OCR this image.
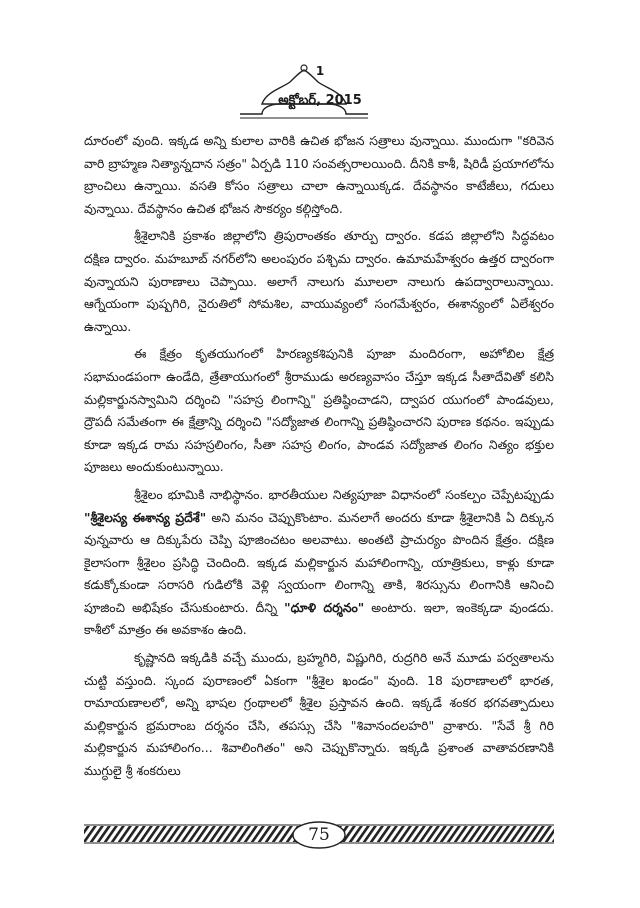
1
అక్టోబర్, 2015

దూరంలో వుంది. ఇక్కడ అన్ని కులాల వారికి ఉచిత భోజన సత్రాలు వున్నాయి. ముందుగా "కరివెన వారి బ్రాహ్మణ నిత్యాన్నదాన సత్రం" ఏర్పడి 110 సంవత్సరాలయింది. దీనికి కాశీ, షిరిడీ ప్రయాగలోను బ్రాంచిలు ఉన్నాయి. వసతి కోసం సత్రాలు చాలా ఉన్నాయిక్కడ. దేవస్థానం కాటేజీలు, గదులు వున్నాయి. దేవస్థానం ఉచిత భోజన సౌకర్యం కల్గిస్తోంది.

శ్రీశైలానికి ప్రకాశం జిల్లాలోని త్రిపురాంతకం తూర్పు ద్వారం. కడప జిల్లాలోని సిద్ధవటం దక్షిణ ద్వారం. మహబూబ్ నగర్‌లోని అలంపురం పశ్చిమ ద్వారం. ఉమామహేశ్వరం ఉత్తర ద్వారంగా వున్నాయని పురాణాలు చెప్పాయి. అలాగే నాలుగు మూలలా నాలుగు ఉపద్వారాలున్నాయి. ఆగ్నేయంగా పుష్పగిరి, నైరుతిలో సోమశిల, వాయువ్యంలో సంగమేశ్వరం, ఈశాన్యంలో ఏలేశ్వరం ఉన్నాయి.

ఈ క్షేత్రం కృతయుగంలో హిరణ్యకశిపునికి పూజా మందిరంగా, అహోబిల క్షేత్ర సభామండపంగా ఉండేది, త్రేతాయుగంలో శ్రీరాముడు అరణ్యవాసం చేస్తూ ఇక్కడ సీతాదేవితో కలిసి మల్లికార్జునస్వామిని దర్శించి "సహస్ర లింగాన్ని" ప్రతిష్ఠించాడని, ద్వాపర యుగంలో పాండవులు, ద్రౌపదీ సమేతంగా ఈ క్షేత్రాన్ని దర్శించి "సద్యోజాత లింగాన్ని ప్రతిష్ఠించారని పురాణ కథనం. ఇప్పుడు కూడా ఇక్కడ రామ సహస్రలింగం, సీతా సహస్ర లింగం, పాండవ సద్యోజాత లింగం నిత్యం భక్తుల పూజలు అందుకుంటున్నాయి.

శ్రీశైలం భూమికి నాభిస్థానం. భారతీయుల నిత్యపూజా విధానంలో సంకల్పం చెప్పేటప్పుడు "శ్రీశైలస్య ఈశాన్య ప్రదేశే" అని మనం చెప్పుకొంటాం. మనలాగే అందరు కూడా శ్రీశైలానికి ఏ దిక్కున వున్నవారు ఆ దిక్కుపేరు చెప్పి పూజించటం అలవాటు. అంతటి ప్రాచుర్యం పొందిన క్షేత్రం. దక్షిణ కైలాసంగా శ్రీశైలం ప్రసిద్ధి చెందింది. ఇక్కడ మల్లికార్జున మహాలింగాన్ని, యాత్రికులు, కాళ్లు కూడా కడుక్కోకుండా సరాసరి గుడిలోకి వెళ్లి స్వయంగా లింగాన్ని తాకి, శిరస్సును లింగానికి ఆనించి పూజించి అభిషేకం చేసుకుంటారు. దీన్ని "ధూళి దర్శనం" అంటారు. ఇలా, ఇంకెక్కడా వుండదు. కాశీలో మాత్రం ఈ అవకాశం ఉంది.

కృష్ణానది ఇక్కడికి వచ్చే ముందు, బ్రహ్మగిరి, విష్ణుగిరి, రుద్రగిరి అనే మూడు పర్వతాలను చుట్టి వస్తుంది. స్కంద పురాణంలో ఏకంగా "శ్రీశైల ఖండం" వుంది. 18 పురాణాలలో భారత, రామాయణాలలో, అన్ని భాషల గ్రంథాలలో శ్రీశైల ప్రస్తావన ఉంది. ఇక్కడే శంకర భగవత్పాదులు మల్లికార్జున భ్రమరాంబ దర్శనం చేసి, తపస్సు చేసి "శివానందలహరి" వ్రాశారు. "సేవే శ్రీ గిరి మల్లికార్జున మహాలింగం... శివాలింగితం" అని చెప్పుకొన్నారు. ఇక్కడి ప్రశాంత వాతావరణానికి ముగ్ధులై శ్రీ శంకరులు

75
